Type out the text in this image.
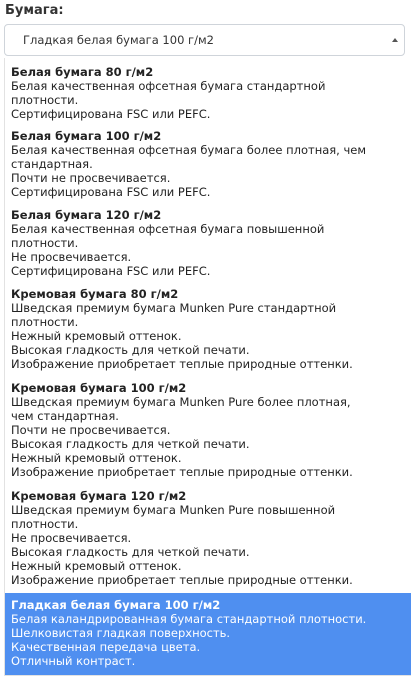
Бумага:
Гладкая белая бумага 100 г/м2
Белая бумага 80 г/м2
Белая качественная офсетная бумага стандартной
плотности.
Сертифицирована FSC или PEFC.
Белая бумага 100 г/м2
Белая качественная офсетная бумага более плотная, чем
стандартная.
Почти не просвечивается.
Сертифицирована FSC или PEFC.
Белая бумага 120 г/м2
Белая качественная офсетная бумага повышенной
плотности.
Не просвечивается.
Сертифицирована FSC или PEFC.
Кремовая бумага 80 г/м2
Шведская премиум бумага Munken Pure стандартной
плотности.
Нежный кремовый оттенок.
Высокая гладкость для четкой печати.
Изображение приобретает теплые природные оттенки.
Кремовая бумага 100 г/м2
Шведская премиум бумага Munken Pure более плотная,
чем стандартная.
Почти не просвечивается.
Высокая гладкость для четкой печати.
Нежный кремовый оттенок.
Изображение приобретает теплые природные оттенки.
Кремовая бумага 120 г/м2
Шведская премиум бумага Munken Pure повышенной
плотности.
Не просвечивается.
Высокая гладкость для четкой печати.
Нежный кремовый оттенок.
Изображение приобретает теплые природные оттенки.
Гладкая белая бумага 100 г/м2
Белая каландрированная бумага стандартной плотности.
Шелковистая гладкая поверхность.
Качественная передача цвета.
Отличный контраст.
